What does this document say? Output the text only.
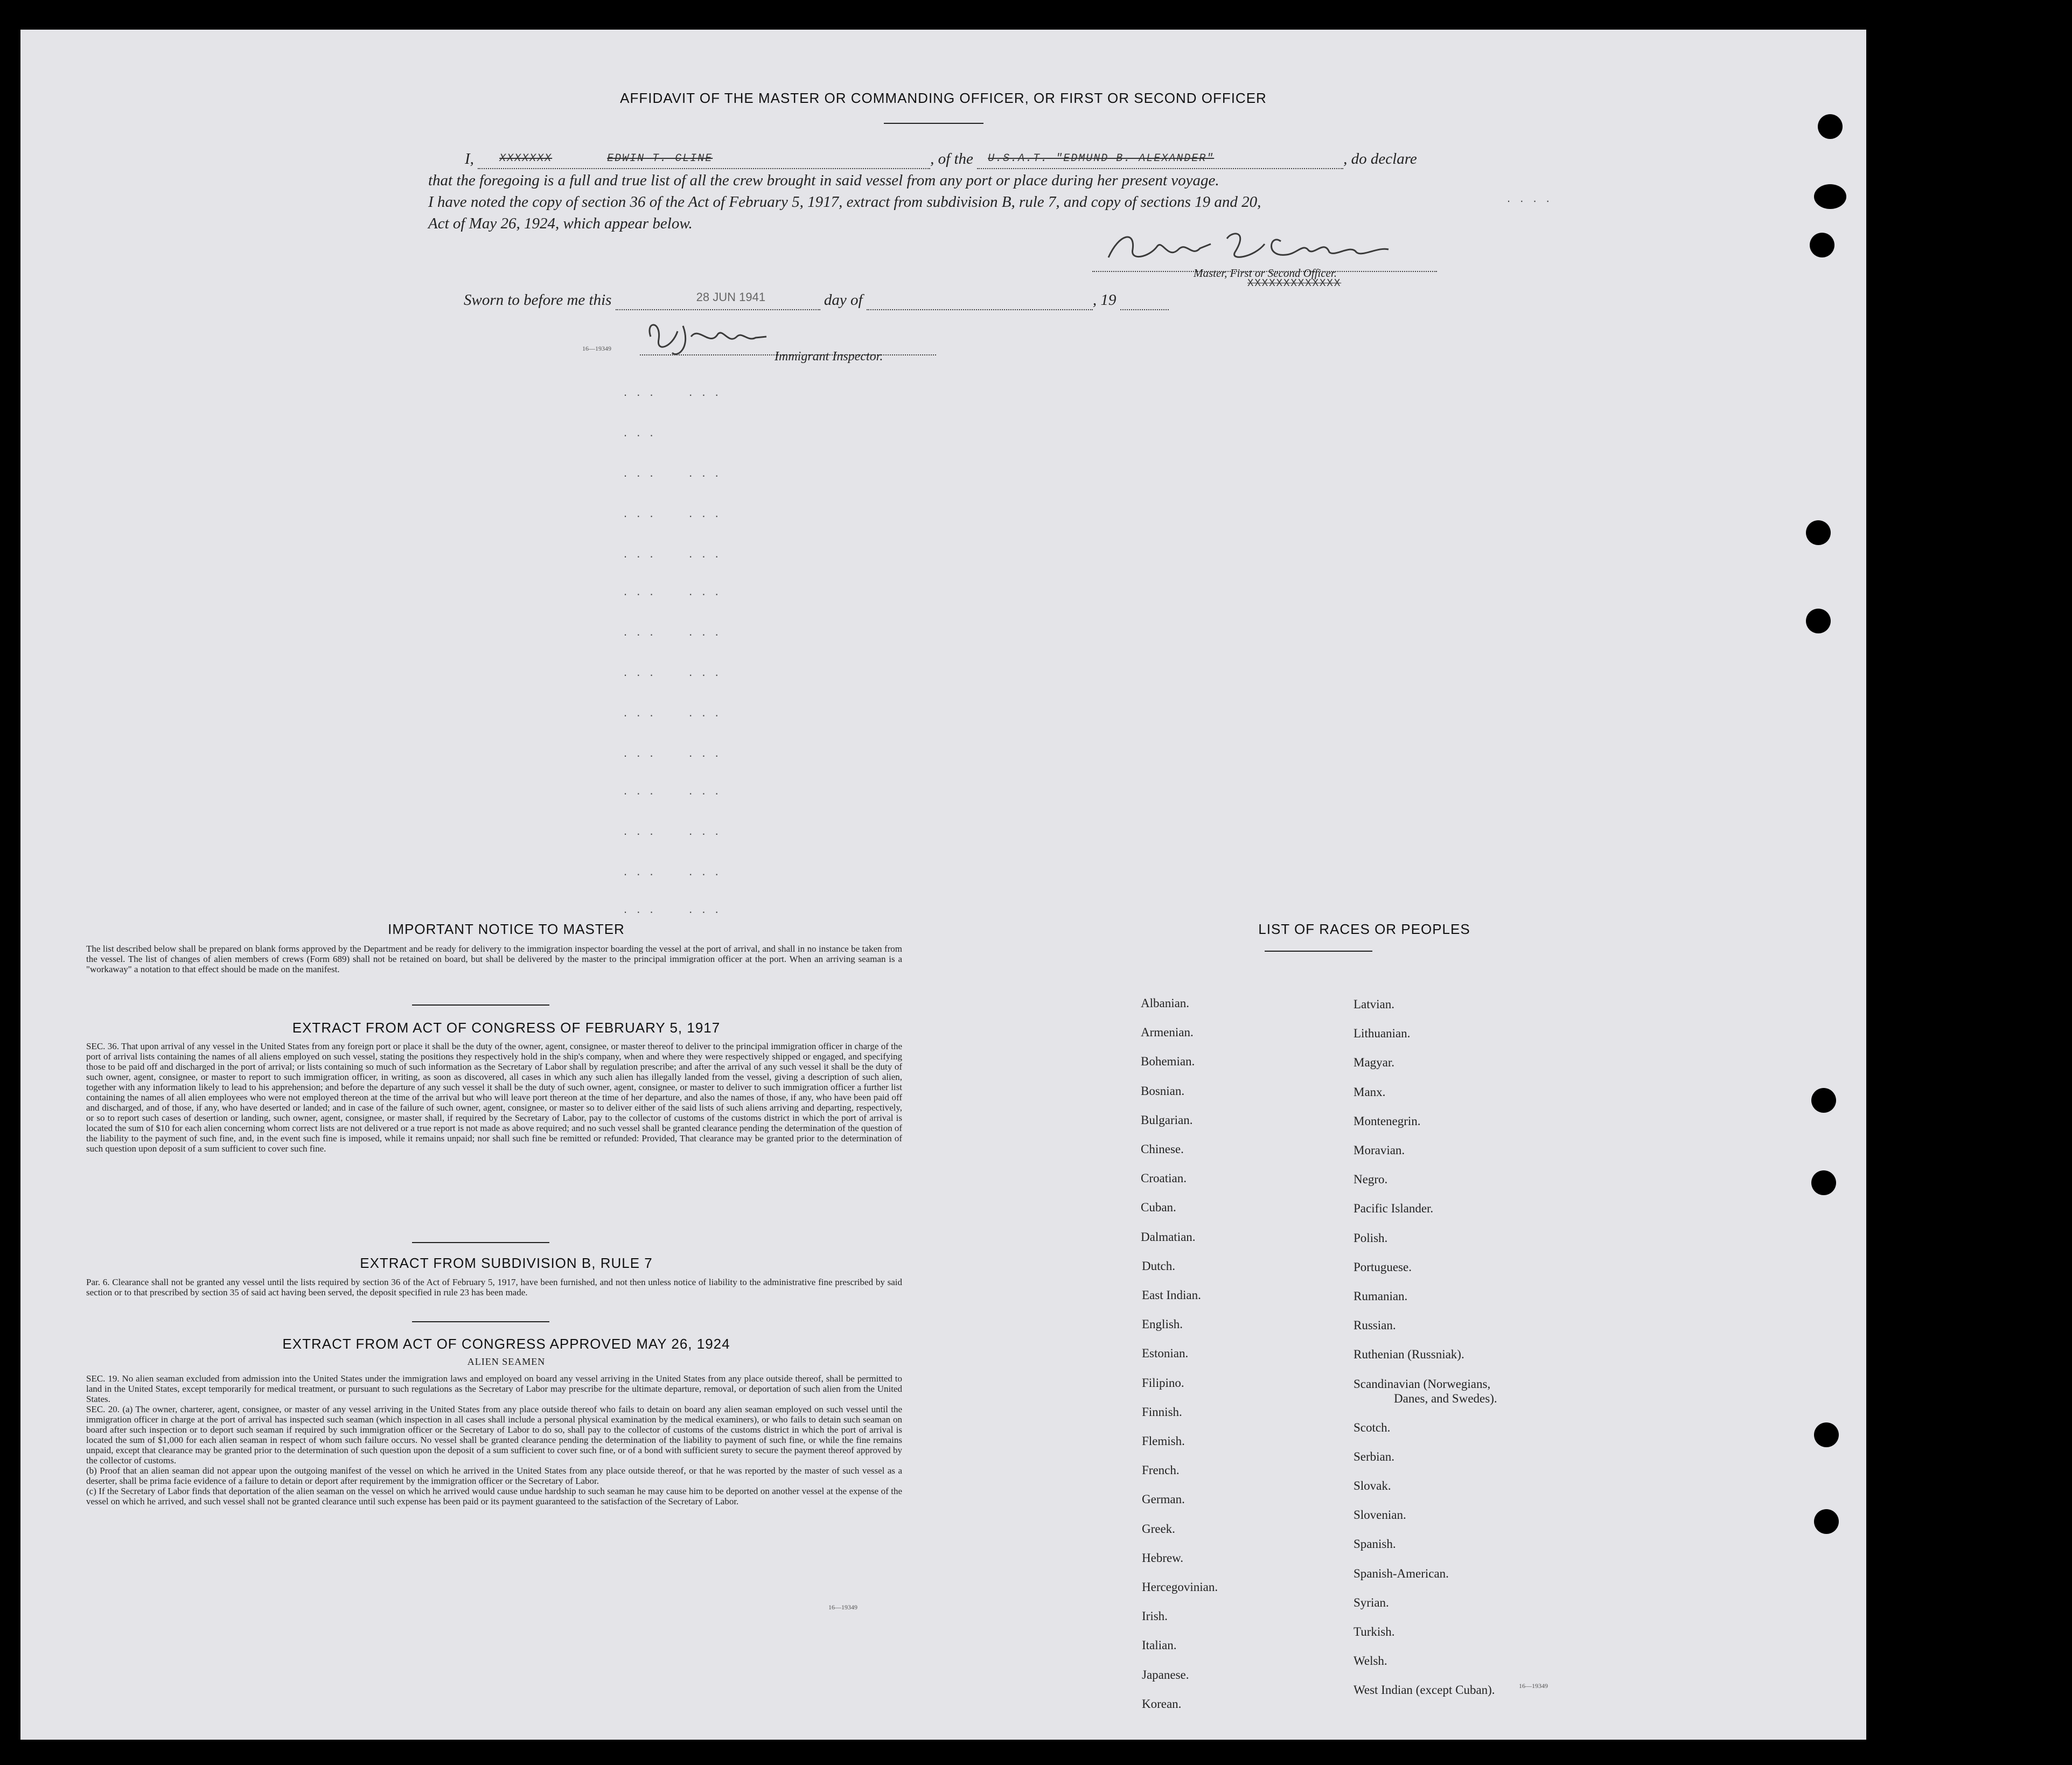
AFFIDAVIT OF THE MASTER OR COMMANDING OFFICER, OR FIRST OR SECOND OFFICER
I, XXXXXXX	EDWIN T. CLINE	, of the U.S.A.T. "EDMUND B. ALEXANDER"	, do declare
that the foregoing is a full and true list of all the crew brought in said vessel from any port or place during her present voyage.
I have noted the copy of section 36 of the Act of February 5, 1917, extract from subdivision B, rule 7, and copy of sections 19 and 20,
Act of May 26, 1924, which appear below.
. . . .
Master, First or Second Officer.
XXXXXXXXXXXXX
Sworn to before me this	28 JUN 1941	day of	, 19
16—19349
Immigrant Inspector.
. . .     . . .
. . .
. . .     . . .
. . .     . . .
. . .     . . .
. . .     . . .
. . .     . . .
. . .     . . .
. . .     . . .
. . .     . . .
. . .     . . .
. . .     . . .
. . .     . . .
. . .     . . .
IMPORTANT NOTICE TO MASTER
The list described below shall be prepared on blank forms approved by the Department and be ready for delivery to the immigration inspector boarding the vessel at the port of arrival, and shall in no instance be taken from the vessel. The list of changes of alien members of crews (Form 689) shall not be retained on board, but shall be delivered by the master to the principal immigration officer at the port. When an arriving seaman is a "workaway" a notation to that effect should be made on the manifest.
EXTRACT FROM ACT OF CONGRESS OF FEBRUARY 5, 1917
SEC. 36. That upon arrival of any vessel in the United States from any foreign port or place it shall be the duty of the owner, agent, consignee, or master thereof to deliver to the principal immigration officer in charge of the port of arrival lists containing the names of all aliens employed on such vessel, stating the positions they respectively hold in the ship's company, when and where they were respectively shipped or engaged, and specifying those to be paid off and discharged in the port of arrival; or lists containing so much of such information as the Secretary of Labor shall by regulation prescribe; and after the arrival of any such vessel it shall be the duty of such owner, agent, consignee, or master to report to such immigration officer, in writing, as soon as discovered, all cases in which any such alien has illegally landed from the vessel, giving a description of such alien, together with any information likely to lead to his apprehension; and before the departure of any such vessel it shall be the duty of such owner, agent, consignee, or master to deliver to such immigration officer a further list containing the names of all alien employees who were not employed thereon at the time of the arrival but who will leave port thereon at the time of her departure, and also the names of those, if any, who have been paid off and discharged, and of those, if any, who have deserted or landed; and in case of the failure of such owner, agent, consignee, or master so to deliver either of the said lists of such aliens arriving and departing, respectively, or so to report such cases of desertion or landing, such owner, agent, consignee, or master shall, if required by the Secretary of Labor, pay to the collector of customs of the customs district in which the port of arrival is located the sum of $10 for each alien concerning whom correct lists are not delivered or a true report is not made as above required; and no such vessel shall be granted clearance pending the determination of the question of the liability to the payment of such fine, and, in the event such fine is imposed, while it remains unpaid; nor shall such fine be remitted or refunded: Provided, That clearance may be granted prior to the determination of such question upon deposit of a sum sufficient to cover such fine.
EXTRACT FROM SUBDIVISION B, RULE 7
Par. 6. Clearance shall not be granted any vessel until the lists required by section 36 of the Act of February 5, 1917, have been furnished, and not then unless notice of liability to the administrative fine prescribed by said section or to that prescribed by section 35 of said act having been served, the deposit specified in rule 23 has been made.
EXTRACT FROM ACT OF CONGRESS APPROVED MAY 26, 1924
ALIEN SEAMEN
SEC. 19. No alien seaman excluded from admission into the United States under the immigration laws and employed on board any vessel arriving in the United States from any place outside thereof, shall be permitted to land in the United States, except temporarily for medical treatment, or pursuant to such regulations as the Secretary of Labor may prescribe for the ultimate departure, removal, or deportation of such alien from the United States.
SEC. 20. (a) The owner, charterer, agent, consignee, or master of any vessel arriving in the United States from any place outside thereof who fails to detain on board any alien seaman employed on such vessel until the immigration officer in charge at the port of arrival has inspected such seaman (which inspection in all cases shall include a personal physical examination by the medical examiners), or who fails to detain such seaman on board after such inspection or to deport such seaman if required by such immigration officer or the Secretary of Labor to do so, shall pay to the collector of customs of the customs district in which the port of arrival is located the sum of $1,000 for each alien seaman in respect of whom such failure occurs. No vessel shall be granted clearance pending the determination of the liability to payment of such fine, or while the fine remains unpaid, except that clearance may be granted prior to the determination of such question upon the deposit of a sum sufficient to cover such fine, or of a bond with sufficient surety to secure the payment thereof approved by the collector of customs.
(b) Proof that an alien seaman did not appear upon the outgoing manifest of the vessel on which he arrived in the United States from any place outside thereof, or that he was reported by the master of such vessel as a deserter, shall be prima facie evidence of a failure to detain or deport after requirement by the immigration officer or the Secretary of Labor.
(c) If the Secretary of Labor finds that deportation of the alien seaman on the vessel on which he arrived would cause undue hardship to such seaman he may cause him to be deported on another vessel at the expense of the vessel on which he arrived, and such vessel shall not be granted clearance until such expense has been paid or its payment guaranteed to the satisfaction of the Secretary of Labor.
16—19349
LIST OF RACES OR PEOPLES
16—19349
Albanian.
Armenian.
Bohemian.
Bosnian.
Bulgarian.
Chinese.
Croatian.
Cuban.
Dalmatian.
Dutch.
East Indian.
English.
Estonian.
Filipino.
Finnish.
Flemish.
French.
German.
Greek.
Hebrew.
Hercegovinian.
Irish.
Italian.
Japanese.
Korean.
Latvian.
Lithuanian.
Magyar.
Manx.
Montenegrin.
Moravian.
Negro.
Pacific Islander.
Polish.
Portuguese.
Rumanian.
Russian.
Ruthenian (Russniak).
Scandinavian (Norwegians,
Danes, and Swedes).
Scotch.
Serbian.
Slovak.
Slovenian.
Spanish.
Spanish-American.
Syrian.
Turkish.
Welsh.
West Indian (except Cuban).
